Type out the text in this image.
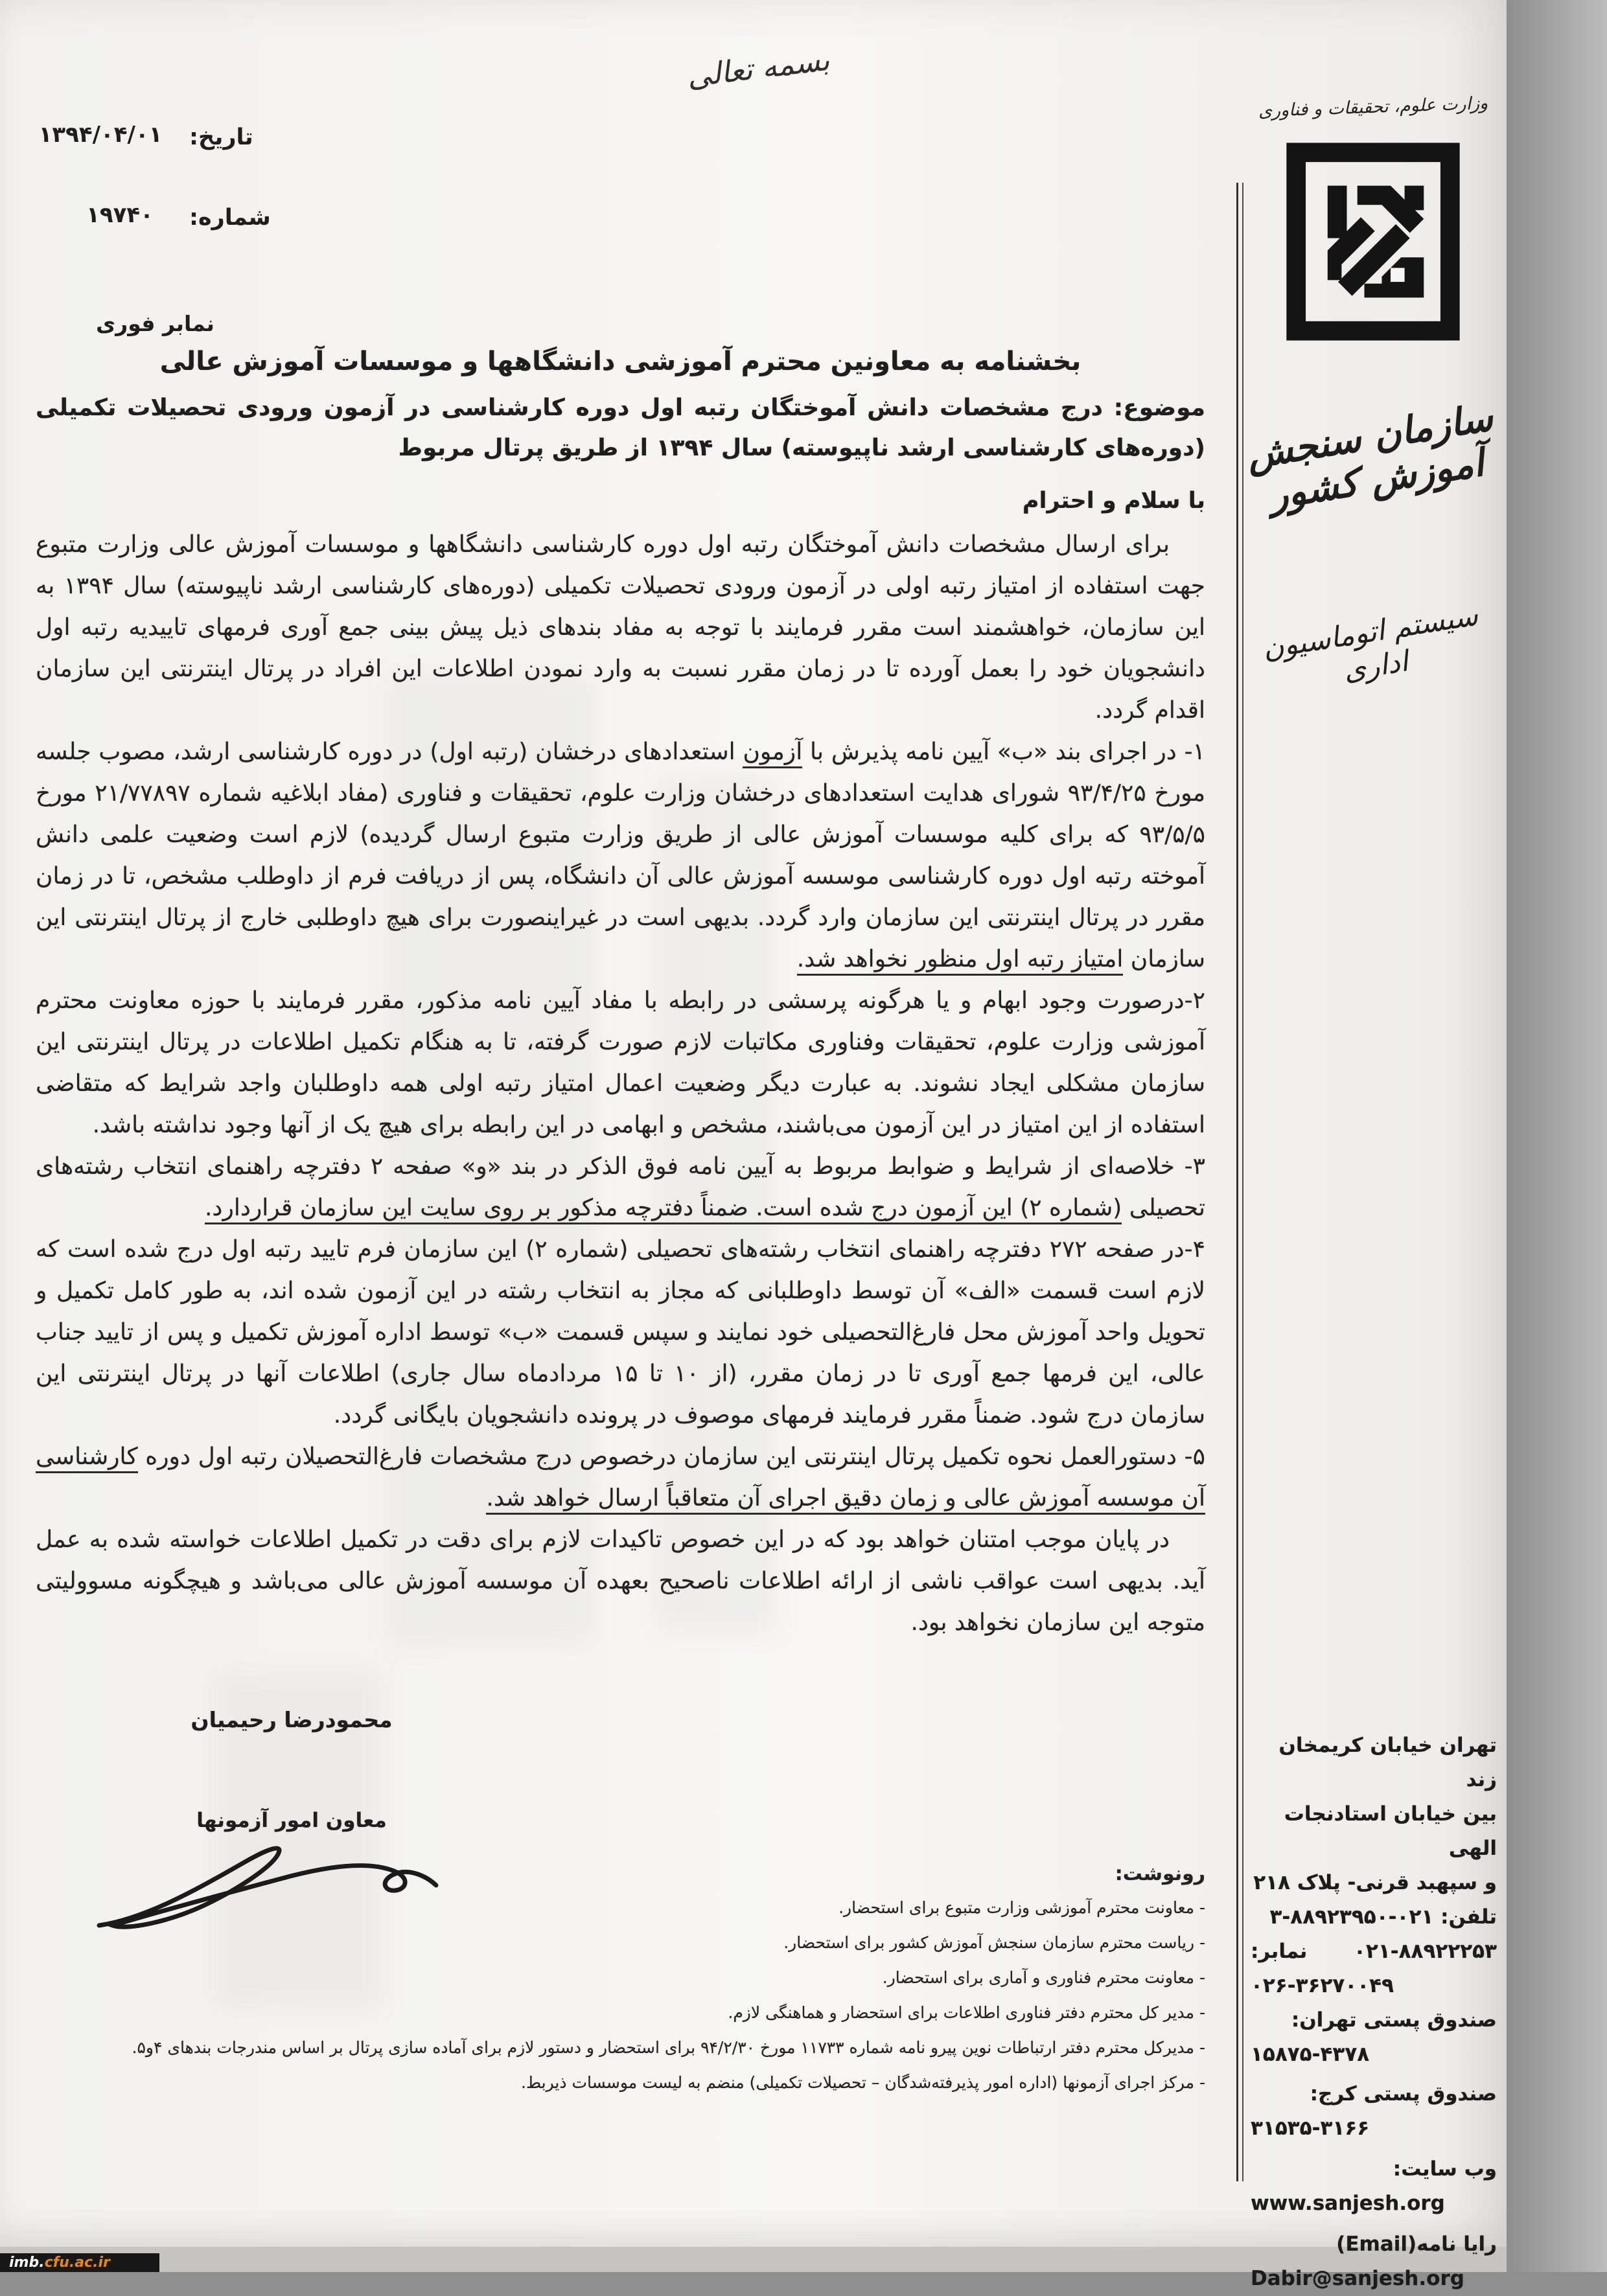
بسمه تعالی
تاریخ:
۱۳۹۴/۰۴/۰۱
شماره:
۱۹۷۴۰
نمابر فوری
وزارت علوم، تحقیقات و فناوری
سازمان سنجش آموزش کشور
سیستم اتوماسیون اداری
تهران خیابان کریمخان زند
بین خیابان استادنجات الهی
و سپهبد قرنی- پلاک ۲۱۸
تلفن: ۰۲۱-۸۸۹۲۳۹۵۰-۳
۰۲۱-۸۸۹۲۲۲۵۳
نمابر:
۰۲۶-۳۶۲۷۰۰۴۹
صندوق پستی تهران:
۱۵۸۷۵-۴۳۷۸
صندوق پستی کرج:
۳۱۵۳۵-۳۱۶۶
وب سایت:
www.sanjesh.org
رایا نامه(Email)
Dabir@sanjesh.org
بخشنامه به معاونین محترم آموزشی دانشگاهها و موسسات آموزش عالی
موضوع: درج مشخصات دانش آموختگان رتبه اول دوره کارشناسی در آزمون ورودی تحصیلات تکمیلی (دوره‌های کارشناسی ارشد ناپیوسته) سال ۱۳۹۴ از طریق پرتال مربوط
با سلام و احترام

برای ارسال مشخصات دانش آموختگان رتبه اول دوره کارشناسی دانشگاهها و موسسات آموزش عالی وزارت متبوع جهت استفاده از امتیاز رتبه اولی در آزمون ورودی تحصیلات تکمیلی (دوره‌های کارشناسی ارشد ناپیوسته) سال ۱۳۹۴ به این سازمان، خواهشمند است مقرر فرمایند با توجه به مفاد بندهای ذیل پیش بینی جمع آوری فرمهای تاییدیه رتبه اول دانشجویان خود را بعمل آورده تا در زمان مقرر نسبت به وارد نمودن اطلاعات این افراد در پرتال اینترنتی این سازمان اقدام گردد.

۱- در اجرای بند «ب» آیین نامه پذیرش با آزمون استعدادهای درخشان (رتبه اول) در دوره کارشناسی ارشد، مصوب جلسه مورخ ۹۳/۴/۲۵ شورای هدایت استعدادهای درخشان وزارت علوم، تحقیقات و فناوری (مفاد ابلاغیه شماره ۲۱/۷۷۸۹۷ مورخ ۹۳/۵/۵ که برای کلیه موسسات آموزش عالی از طریق وزارت متبوع ارسال گردیده) لازم است وضعیت علمی دانش آموخته رتبه اول دوره کارشناسی موسسه آموزش عالی آن دانشگاه، پس از دریافت فرم از داوطلب مشخص، تا در زمان مقرر در پرتال اینترنتی این سازمان وارد گردد. بدیهی است در غیراینصورت برای هیچ داوطلبی خارج از پرتال اینترنتی این سازمان امتیاز رتبه اول منظور نخواهد شد.

۲-درصورت وجود ابهام و یا هرگونه پرسشی در رابطه با مفاد آیین نامه مذکور، مقرر فرمایند با حوزه معاونت محترم آموزشی وزارت علوم، تحقیقات وفناوری مکاتبات لازم صورت گرفته، تا به هنگام تکمیل اطلاعات در پرتال اینترنتی این سازمان مشکلی ایجاد نشوند. به عبارت دیگر وضعیت اعمال امتیاز رتبه اولی همه داوطلبان واجد شرایط که متقاضی استفاده از این امتیاز در این آزمون می‌باشند، مشخص و ابهامی در این رابطه برای هیچ یک از آنها وجود نداشته باشد.

۳- خلاصه‌ای از شرایط و ضوابط مربوط به آیین نامه فوق الذکر در بند «و» صفحه ۲ دفترچه راهنمای انتخاب رشته‌های تحصیلی (شماره ۲) این آزمون درج شده است. ضمناً دفترچه مذکور بر روی سایت این سازمان قراردارد.

۴-در صفحه ۲۷۲ دفترچه راهنمای انتخاب رشته‌های تحصیلی (شماره ۲) این سازمان فرم تایید رتبه اول درج شده است که لازم است قسمت «الف» آن توسط داوطلبانی که مجاز به انتخاب رشته در این آزمون شده اند، به طور کامل تکمیل و تحویل واحد آموزش محل فارغ‌التحصیلی خود نمایند و سپس قسمت «ب» توسط اداره آموزش تکمیل و پس از تایید جناب عالی، این فرمها جمع آوری تا در زمان مقرر، (از ۱۰ تا ۱۵ مردادماه سال جاری) اطلاعات آنها در پرتال اینترنتی این سازمان درج شود. ضمناً مقرر فرمایند فرمهای موصوف در پرونده دانشجویان بایگانی گردد.

۵- دستورالعمل نحوه تکمیل پرتال اینترنتی این سازمان درخصوص درج مشخصات فارغ‌التحصیلان رتبه اول دوره کارشناسی آن موسسه آموزش عالی و زمان دقیق اجرای آن متعاقباً ارسال خواهد شد.

در پایان موجب امتنان خواهد بود که در این خصوص تاکیدات لازم برای دقت در تکمیل اطلاعات خواسته شده به عمل آید. بدیهی است عواقب ناشی از ارائه اطلاعات ناصحیح بعهده آن موسسه آموزش عالی می‌باشد و هیچگونه مسوولیتی متوجه این سازمان نخواهد بود.

محمودرضا رحیمیان
معاون امور آزمونها
رونوشت:
- معاونت محترم آموزشی وزارت متبوع برای استحضار.
- ریاست محترم سازمان سنجش آموزش کشور برای استحضار.
- معاونت محترم فناوری و آماری برای استحضار.
- مدیر کل محترم دفتر فناوری اطلاعات برای استحضار و هماهنگی لازم.
- مدیرکل محترم دفتر ارتباطات نوین پیرو نامه شماره ۱۱۷۳۳ مورخ ۹۴/۲/۳۰ برای استحضار و دستور لازم برای آماده سازی پرتال بر اساس مندرجات بندهای ۴و۵.
- مرکز اجرای آزمونها (اداره امور پذیرفته‌شدگان – تحصیلات تکمیلی) منضم به لیست موسسات ذیربط.
imb.cfu.ac.ir
